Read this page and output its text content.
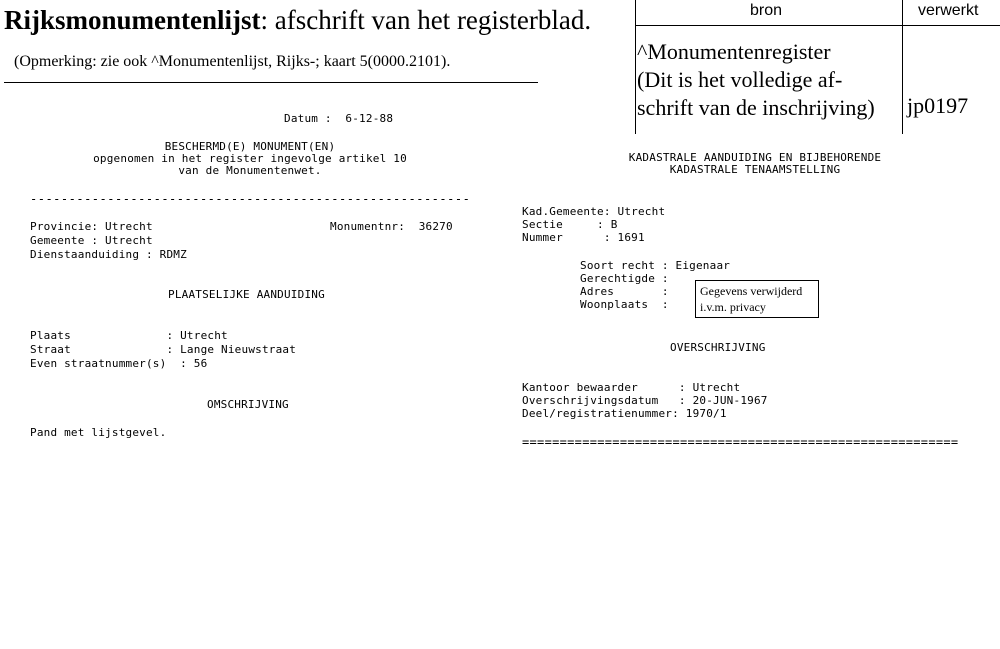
Rijksmonumentenlijst: afschrift van het registerblad.
(Opmerking: zie ook ^Monumentenlijst, Rijks-; kaart 5(0000.2101).
bron	verwerkt
^Monumentenregister
(Dit is het volledige af-
schrift van de inschrijving) jp0197
Datum :  6-12-88
BESCHERMD(E) MONUMENT(EN)
opgenomen in het register ingevolge artikel 10
van de Monumentenwet.
---------------------------------------------------------
Provincie: Utrecht	Monumentnr:  36270
Gemeente : Utrecht
Dienstaanduiding : RDMZ
PLAATSELIJKE AANDUIDING
Plaats              : Utrecht
Straat              : Lange Nieuwstraat
Even straatnummer(s)  : 56
OMSCHRIJVING
Pand met lijstgevel.
KADASTRALE AANDUIDING EN BIJBEHORENDE
KADASTRALE TENAAMSTELLING
Kad.Gemeente: Utrecht
Sectie     : B
Nummer      : 1691
Soort recht : Eigenaar
Gerechtigde :
Adres       :
Woonplaats  :
Gegevens verwijderd
i.v.m. privacy
OVERSCHRIJVING
Kantoor bewaarder      : Utrecht
Overschrijvingsdatum   : 20-JUN-1967
Deel/registratienummer: 1970/1
==========================================================
